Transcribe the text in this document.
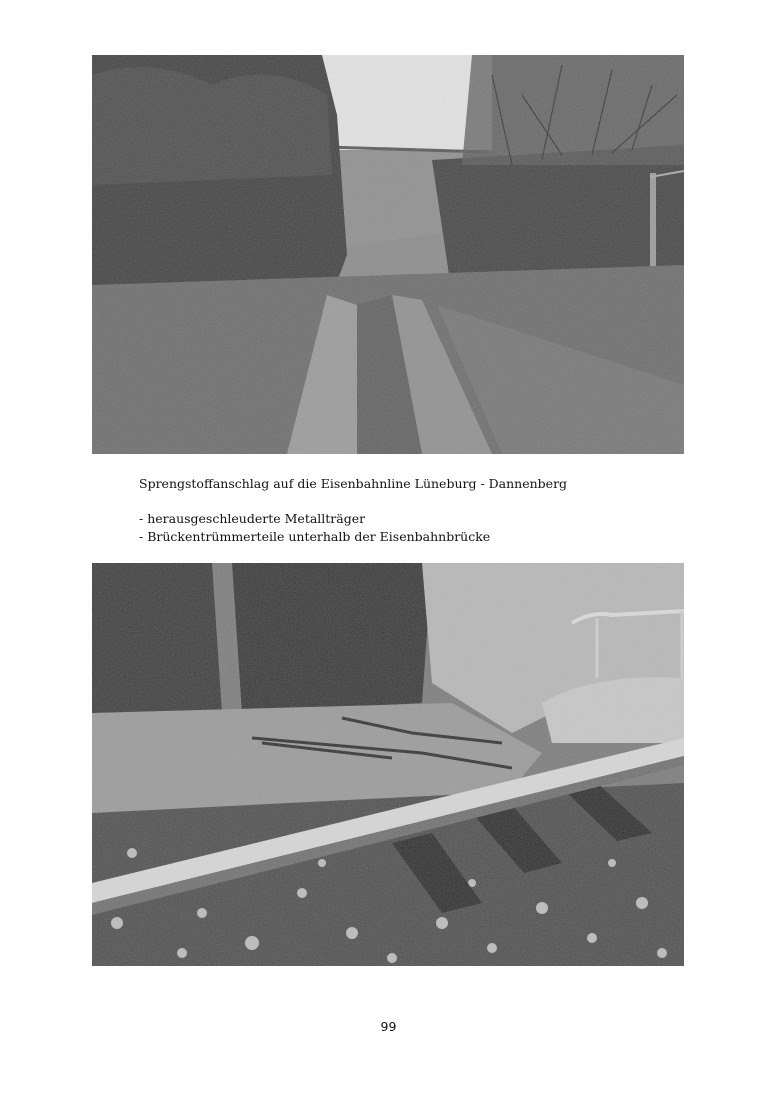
Sprengstoffanschlag auf die Eisenbahnline Lüneburg - Dannenberg
- herausgeschleuderte Metallträger
- Brückentrümmerteile unterhalb der Eisenbahnbrücke
99
